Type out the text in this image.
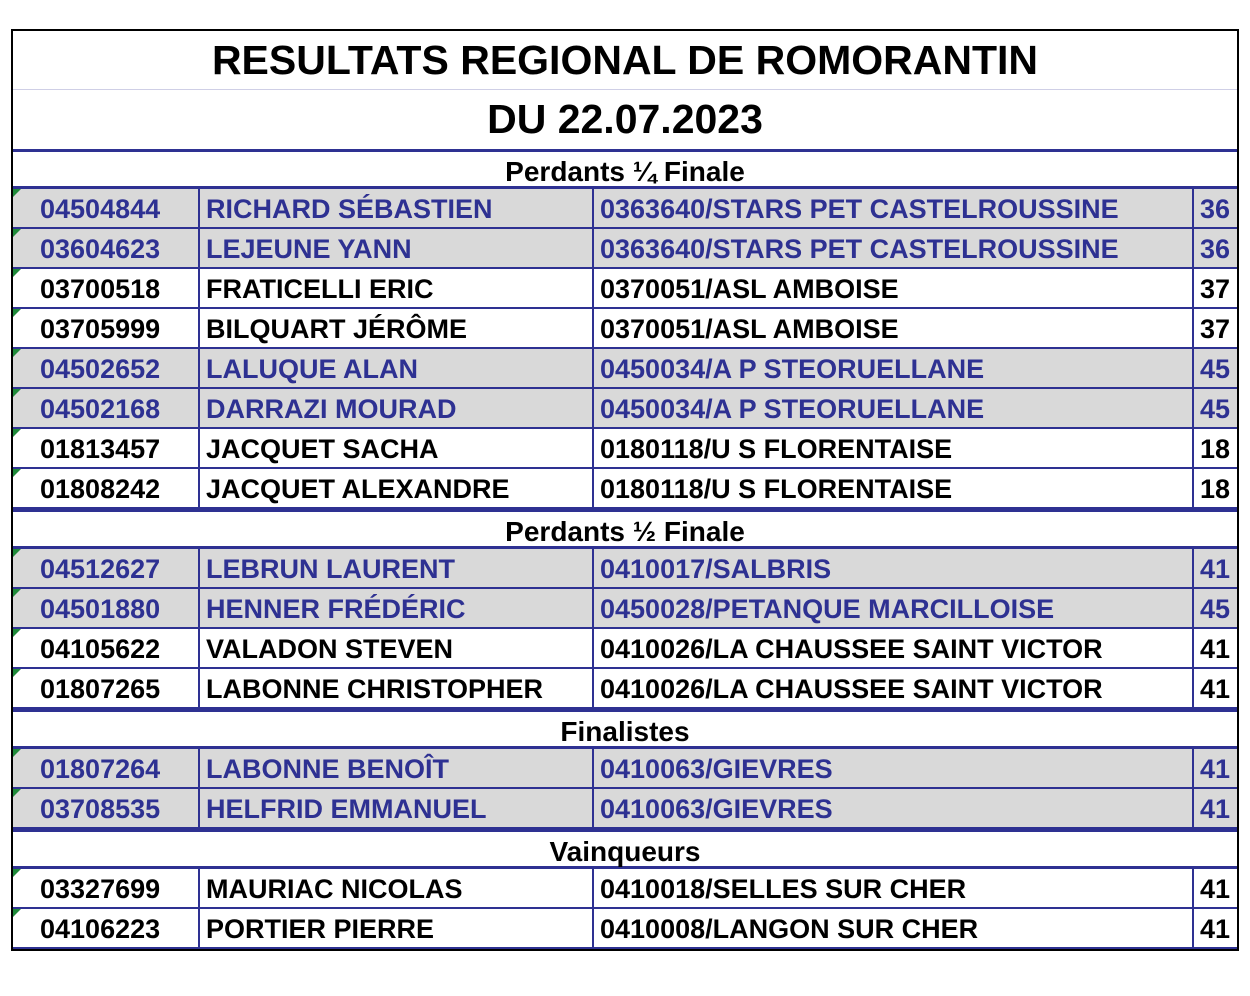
RESULTATS REGIONAL DE ROMORANTIN
DU 22.07.2023
Perdants ¼ Finale
04504844	RICHARD SÉBASTIEN	0363640/STARS PET CASTELROUSSINE	36
03604623	LEJEUNE YANN	0363640/STARS PET CASTELROUSSINE	36
03700518	FRATICELLI ERIC	0370051/ASL AMBOISE	37
03705999	BILQUART JÉRÔME	0370051/ASL AMBOISE	37
04502652	LALUQUE ALAN	0450034/A P STEORUELLANE	45
04502168	DARRAZI MOURAD	0450034/A P STEORUELLANE	45
01813457	JACQUET SACHA	0180118/U S FLORENTAISE	18
01808242	JACQUET ALEXANDRE	0180118/U S FLORENTAISE	18
Perdants ½ Finale
04512627	LEBRUN LAURENT	0410017/SALBRIS	41
04501880	HENNER FRÉDÉRIC	0450028/PETANQUE MARCILLOISE	45
04105622	VALADON STEVEN	0410026/LA CHAUSSEE SAINT VICTOR	41
01807265	LABONNE CHRISTOPHER	0410026/LA CHAUSSEE SAINT VICTOR	41
Finalistes
01807264	LABONNE BENOÎT	0410063/GIEVRES	41
03708535	HELFRID EMMANUEL	0410063/GIEVRES	41
Vainqueurs
03327699	MAURIAC NICOLAS	0410018/SELLES SUR CHER	41
04106223	PORTIER PIERRE	0410008/LANGON SUR CHER	41
